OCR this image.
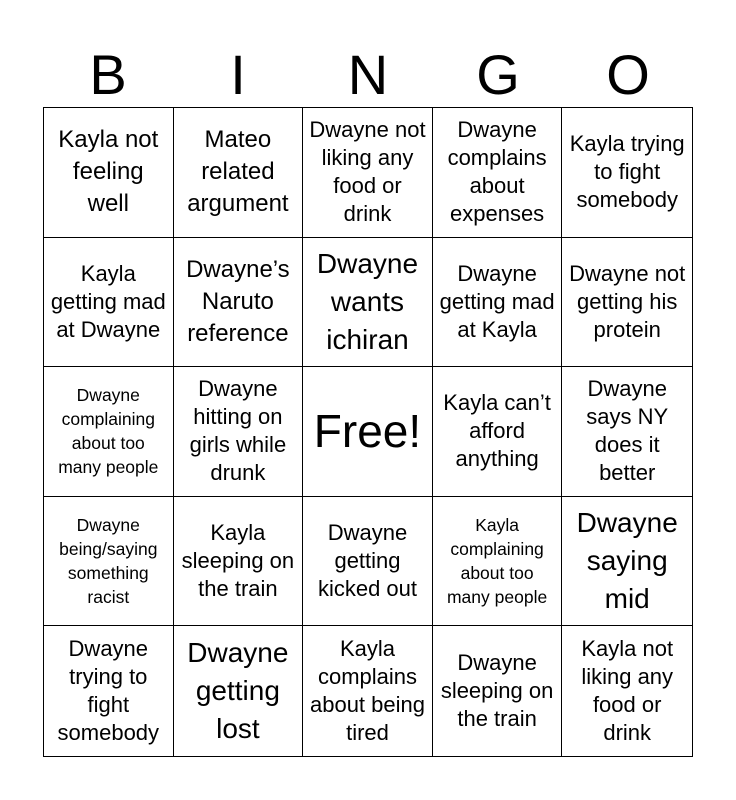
B	I	N	G	O
Kayla not feeling well
Mateo related argument
Dwayne not liking any food or drink
Dwayne complains about expenses
Kayla trying to fight somebody
Kayla getting mad at Dwayne
Dwayne’s Naruto reference
Dwayne wants ichiran
Dwayne getting mad at Kayla
Dwayne not getting his protein
Dwayne complaining about too many people
Dwayne hitting on girls while drunk
Free!
Kayla can’t afford anything
Dwayne says NY does it better
Dwayne being/saying something racist
Kayla sleeping on the train
Dwayne getting kicked out
Kayla complaining about too many people
Dwayne saying mid
Dwayne trying to fight somebody
Dwayne getting lost
Kayla complains about being tired
Dwayne sleeping on the train
Kayla not liking any food or drink
